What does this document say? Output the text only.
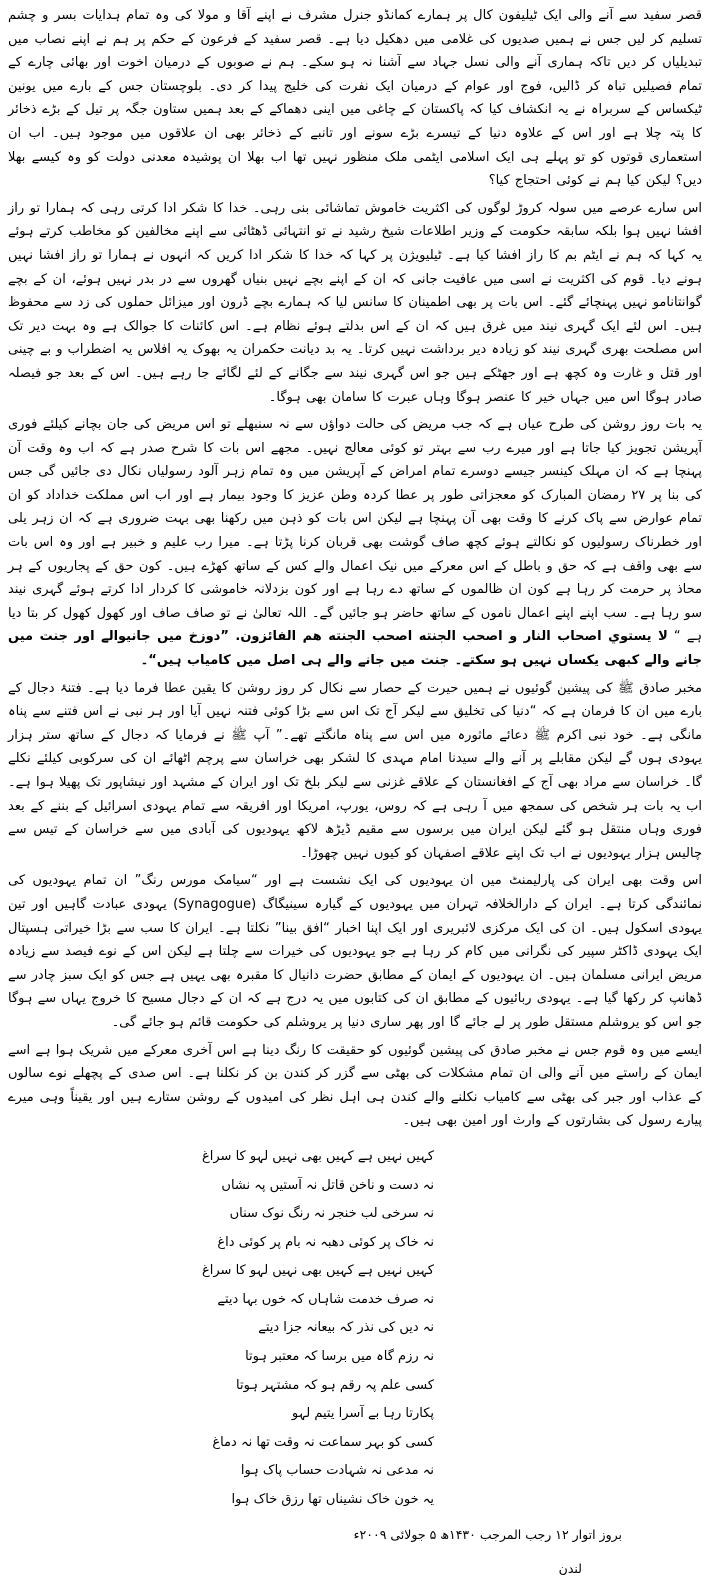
قصر سفید سے آنے والی ایک ٹیلیفون کال پر ہمارے کمانڈو جنرل مشرف نے اپنے آقا و مولا کی وہ تمام ہدایات بسر و چشم تسلیم کر لیں جس نے ہمیں صدیوں کی غلامی میں دھکیل دیا ہے۔ قصر سفید کے فرعون کے حکم پر ہم نے اپنے نصاب میں تبدیلیاں کر دیں تاکہ ہماری آنے والی نسل جہاد سے آشنا نہ ہو سکے۔ ہم نے صوبوں کے درمیان اخوت اور بھائی چارے کے تمام فصیلیں تباہ کر ڈالیں، فوج اور عوام کے درمیان ایک نفرت کی خلیج پیدا کر دی۔ بلوچستان جس کے بارے میں یونین ٹیکساس کے سربراہ نے یہ انکشاف کیا کہ پاکستان کے چاغی میں اینی دھماکے کے بعد ہمیں ستاون جگہ پر تیل کے بڑے ذخائر کا پتہ چلا ہے اور اس کے علاوہ دنیا کے تیسرے بڑے سونے اور تانبے کے ذخائر بھی ان علاقوں میں موجود ہیں۔ اب ان استعماری قوتوں کو تو پہلے ہی ایک اسلامی ایٹمی ملک منظور نہیں تھا اب بھلا ان پوشیدہ معدنی دولت کو وہ کیسے بھلا دیں؟ لیکن کیا ہم نے کوئی احتجاج کیا؟

اس سارے عرصے میں سولہ کروڑ لوگوں کی اکثریت خاموش تماشائی بنی رہی۔ خدا کا شکر ادا کرتی رہی کہ ہمارا تو راز افشا نہیں ہوا بلکہ سابقہ حکومت کے وزیر اطلاعات شیخ رشید نے تو انتہائی ڈھٹائی سے اپنے مخالفین کو مخاطب کرتے ہوئے یہ کہا کہ ہم نے ایٹم بم کا راز افشا کیا ہے۔ ٹیلیویژن پر کہا کہ خدا کا شکر ادا کریں کہ انہوں نے ہمارا تو راز افشا نہیں ہونے دیا۔ قوم کی اکثریت نے اسی میں عافیت جانی کہ ان کے اپنے بچے نہیں بنیاں گھروں سے در بدر نہیں ہوئے، ان کے بچے گوانتانامو نہیں پہنچائے گئے۔ اس بات پر بھی اطمینان کا سانس لیا کہ ہمارے بچے ڈرون اور میزائل حملوں کی زد سے محفوظ ہیں۔ اس لئے ایک گہری نیند میں غرق ہیں کہ ان کے اس بدلتے ہوئے نظام ہے۔ اس کائنات کا جوالک ہے وہ بہت دیر تک اس مصلحت بھری گہری نیند کو زیادہ دیر برداشت نہیں کرتا۔ یہ بد دیانت حکمران یہ بھوک یہ افلاس یہ اضطراب و بے چینی اور قتل و غارت وہ کچھ ہے اور جھٹکے ہیں جو اس گہری نیند سے جگانے کے لئے لگائے جا رہے ہیں۔ اس کے بعد جو فیصلہ صادر ہوگا اس میں جہاں خیر کا عنصر ہوگا وہاں عبرت کا سامان بھی ہوگا۔

یہ بات روز روشن کی طرح عیاں ہے کہ جب مریض کی حالت دواؤں سے نہ سنبھلے تو اس مریض کی جان بچانے کیلئے فوری آپریشن تجویز کیا جاتا ہے اور میرے رب سے بہتر تو کوئی معالج نہیں۔ مجھے اس بات کا شرح صدر ہے کہ اب وہ وقت آن پہنچا ہے کہ ان مہلک کینسر جیسے دوسرے تمام امراض کے آپریشن میں وہ تمام زہر آلود رسولیاں نکال دی جائیں گی جس کی بنا پر ۲۷ رمضان المبارک کو معجزاتی طور پر عطا کردہ وطن عزیز کا وجود بیمار ہے اور اب اس مملکت خداداد کو ان تمام عوارض سے پاک کرنے کا وقت بھی آن پہنچا ہے لیکن اس بات کو ذہن میں رکھنا بھی بہت ضروری ہے کہ ان زہر یلی اور خطرناک رسولیوں کو نکالتے ہوئے کچھ صاف گوشت بھی قربان کرنا پڑتا ہے۔ میرا رب علیم و خبیر ہے اور وہ اس بات سے بھی واقف ہے کہ حق و باطل کے اس معرکے میں نیک اعمال والے کس کے ساتھ کھڑے ہیں۔ کون حق کے پجاریوں کے ہر محاذ پر حرمت کر رہا ہے کون ان ظالموں کے ساتھ دے رہا ہے اور کون بزدلانہ خاموشی کا کردار ادا کرتے ہوئے گہری نیند سو رہا ہے۔ سب اپنے اپنے اعمال ناموں کے ساتھ حاضر ہو جائیں گے۔ اللہ تعالیٰ نے تو صاف صاف اور کھول کھول کر بتا دیا ہے “ لا يستوي اصحاب النار و اصحب الجنته اصحب الجنته هم الفائزون. ”دوزخ میں جانیوالے اور جنت میں جانے والے کبھی یکساں نہیں ہو سکتے۔ جنت میں جانے والے ہی اصل میں کامیاب ہیں“۔

مخبر صادق ﷺ کی پیشین گوئیوں نے ہمیں حیرت کے حصار سے نکال کر روز روشن کا یقین عطا فرما دیا ہے۔ فتنۂ دجال کے بارے میں ان کا فرمان ہے کہ “دنیا کی تخلیق سے لیکر آج تک اس سے بڑا کوئی فتنہ نہیں آیا اور ہر نبی نے اس فتنے سے پناہ مانگی ہے۔ خود نبی اکرم ﷺ دعائے ماثورہ میں اس سے پناہ مانگتے تھے۔” آپ ﷺ نے فرمایا کہ دجال کے ساتھ ستر ہزار یہودی ہوں گے لیکن مقابلے پر آنے والے سیدنا امام مہدی کا لشکر بھی خراسان سے پرچم اٹھائے ان کی سرکوبی کیلئے نکلے گا۔ خراسان سے مراد بھی آج کے افغانستان کے علاقے غزنی سے لیکر بلخ تک اور ایران کے مشہد اور نیشاپور تک پھیلا ہوا ہے۔ اب یہ بات ہر شخص کی سمجھ میں آ رہی ہے کہ روس، یورپ، امریکا اور افریقہ سے تمام یہودی اسرائیل کے بننے کے بعد فوری وہاں منتقل ہو گئے لیکن ایران میں برسوں سے مقیم ڈیڑھ لاکھ یہودیوں کی آبادی میں سے خراسان کے تیس سے چالیس ہزار یہودیوں نے اب تک اپنے علاقے اصفہان کو کیوں نہیں چھوڑا۔

اس وقت بھی ایران کی پارلیمنٹ میں ان یہودیوں کی ایک نشست ہے اور “سیامک مورس رنگ” ان تمام یہودیوں کی نمائندگی کرتا ہے۔ ایران کے دارالخلافہ تہران میں یہودیوں کے گیارہ سینیگاگ (Synagogue) یہودی عبادت گاہیں اور تین یہودی اسکول ہیں۔ ان کی ایک مرکزی لائبریری اور ایک اپنا اخبار “افق بینا” نکلتا ہے۔ ایران کا سب سے بڑا خیراتی ہسپتال ایک یہودی ڈاکٹر سپیر کی نگرانی میں کام کر رہا ہے جو یہودیوں کی خیرات سے چلتا ہے لیکن اس کے نوے فیصد سے زیادہ مریض ایرانی مسلمان ہیں۔ ان یہودیوں کے ایمان کے مطابق حضرت دانیال کا مقبرہ بھی یہیں ہے جس کو ایک سبز چادر سے ڈھانپ کر رکھا گیا ہے۔ یہودی ربائیوں کے مطابق ان کی کتابوں میں یہ درج ہے کہ ان کے دجال مسیح کا خروج یہاں سے ہوگا جو اس کو یروشلم مستقل طور پر لے جائے گا اور پھر ساری دنیا پر یروشلم کی حکومت قائم ہو جائے گی۔

ایسے میں وہ قوم جس نے مخبر صادق کی پیشین گوئیوں کو حقیقت کا رنگ دینا ہے اس آخری معرکے میں شریک ہوا ہے اسے ایمان کے راستے میں آنے والی ان تمام مشکلات کی بھٹی سے گزر کر کندن بن کر نکلنا ہے۔ اس صدی کے پچھلے نوے سالوں کے عذاب اور جبر کی بھٹی سے کامیاب نکلنے والے کندن ہی اہل نظر کی امیدوں کے روشن ستارے ہیں اور یقیناً وہی میرے پیارے رسول کی بشارتوں کے وارث اور امین بھی ہیں۔

کہیں نہیں ہے کہیں بھی نہیں لہو کا سراغ
نہ دست و ناخن قاتل نہ آستیں پہ نشاں
نہ سرخی لب خنجر نہ رنگ نوک سناں
نہ خاک پر کوئی دھبہ نہ بام پر کوئی داغ
کہیں نہیں ہے کہیں بھی نہیں لہو کا سراغ
نہ صرف خدمت شاہاں کہ خوں بہا دیتے
نہ دیں کی نذر کہ بیعانہ جزا دیتے
نہ رزم گاہ میں برسا کہ معتبر ہوتا
کسی علم پہ رقم ہو کہ مشتہر ہوتا
پکارتا رہا بے آسرا یتیم لہو
کسی کو بہر سماعت نہ وقت تھا نہ دماغ
نہ مدعی نہ شہادت حساب پاک ہوا
یہ خون خاک نشیناں تھا رزق خاک ہوا
بروز اتوار ۱۲ رجب المرجب ۱۴۳۰ھ ۵ جولائی ۲۰۰۹ء
لندن
